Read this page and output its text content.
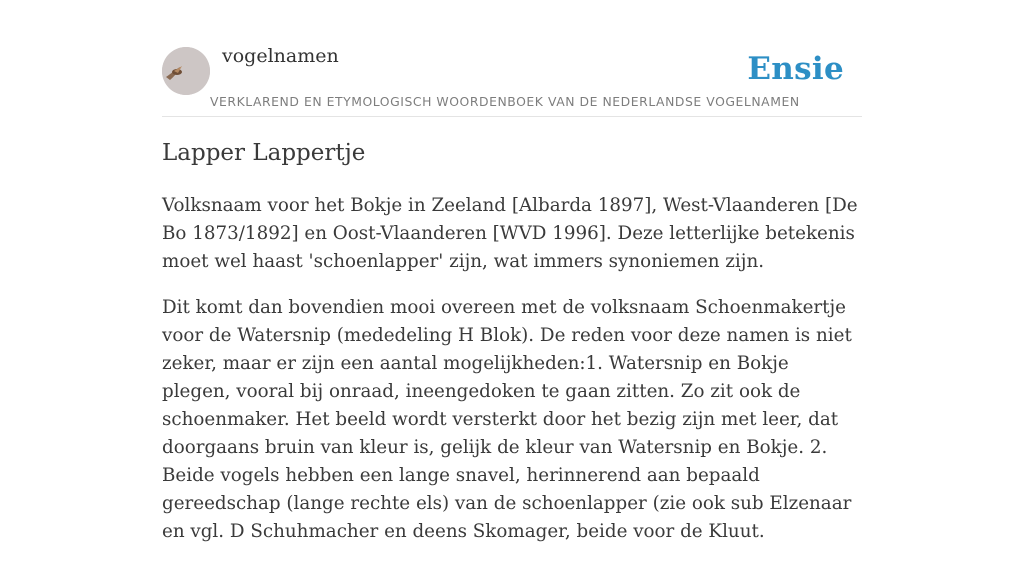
vogelnamen	Ensie
VERKLAREND EN ETYMOLOGISCH WOORDENBOEK VAN DE NEDERLANDSE VOGELNAMEN
Lapper Lappertje

Volksnaam voor het Bokje in Zeeland [Albarda 1897], West-Vlaanderen [De Bo 1873/1892] en Oost-Vlaanderen [WVD 1996]. Deze letterlijke betekenis moet wel haast 'schoenlapper' zijn, wat immers synoniemen zijn.

Dit komt dan bovendien mooi overeen met de volksnaam Schoenmakertje voor de Watersnip (mededeling H Blok). De reden voor deze namen is niet zeker, maar er zijn een aantal mogelijkheden:1. Watersnip en Bokje plegen, vooral bij onraad, ineengedoken te gaan zitten. Zo zit ook de schoenmaker. Het beeld wordt versterkt door het bezig zijn met leer, dat doorgaans bruin van kleur is, gelijk de kleur van Watersnip en Bokje. 2. Beide vogels hebben een lange snavel, herinnerend aan bepaald gereedschap (lange rechte els) van de schoenlapper (zie ook sub Elzenaar en vgl. D Schuhmacher en deens Skomager, beide voor de Kluut.
